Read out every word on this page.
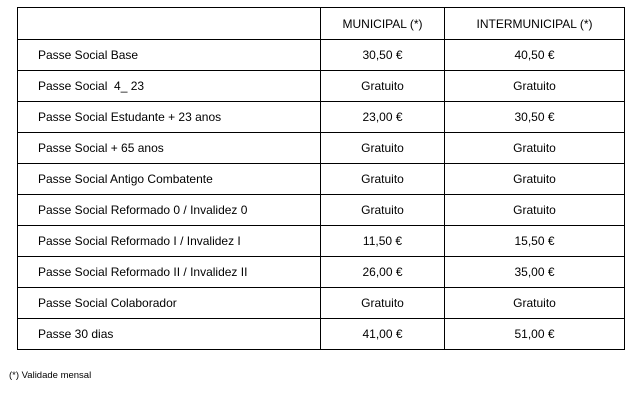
	MUNICIPAL (*)	INTERMUNICIPAL (*)
Passe Social Base	30,50 €	40,50 €
Passe Social  4_ 23	Gratuito	Gratuito
Passe Social Estudante + 23 anos	23,00 €	30,50 €
Passe Social + 65 anos	Gratuito	Gratuito
Passe Social Antigo Combatente	Gratuito	Gratuito
Passe Social Reformado 0 / Invalidez 0	Gratuito	Gratuito
Passe Social Reformado I / Invalidez I	11,50 €	15,50 €
Passe Social Reformado II / Invalidez II	26,00 €	35,00 €
Passe Social Colaborador	Gratuito	Gratuito
Passe 30 dias	41,00 €	51,00 €
(*) Validade mensal
